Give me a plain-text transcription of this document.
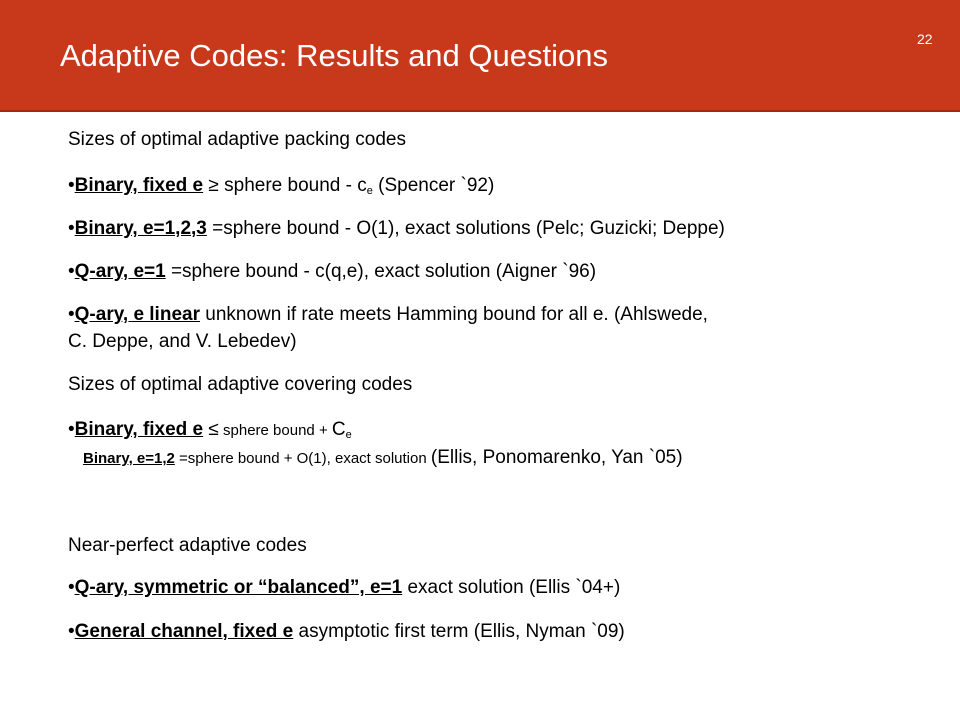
Adaptive Codes: Results and Questions	22
Sizes of optimal adaptive packing codes
•Binary, fixed e ≥ sphere bound - $c_e$ (Spencer `92)
•Binary, e=1,2,3 =sphere bound - O(1), exact solutions (Pelc; Guzicki; Deppe)
•Q-ary, e=1 =sphere bound - c(q,e), exact solution (Aigner `96)
•Q-ary, e linear unknown if rate meets Hamming bound for all e. (Ahlswede,
C. Deppe, and V. Lebedev)
Sizes of optimal adaptive covering codes
•Binary, fixed e ≤ sphere bound + $C_e$
Binary, e=1,2 =sphere bound + O(1), exact solution (Ellis, Ponomarenko, Yan `05)
Near-perfect adaptive codes
•Q-ary, symmetric or “balanced”, e=1 exact solution (Ellis `04+)
•General channel, fixed e asymptotic first term (Ellis, Nyman `09)
